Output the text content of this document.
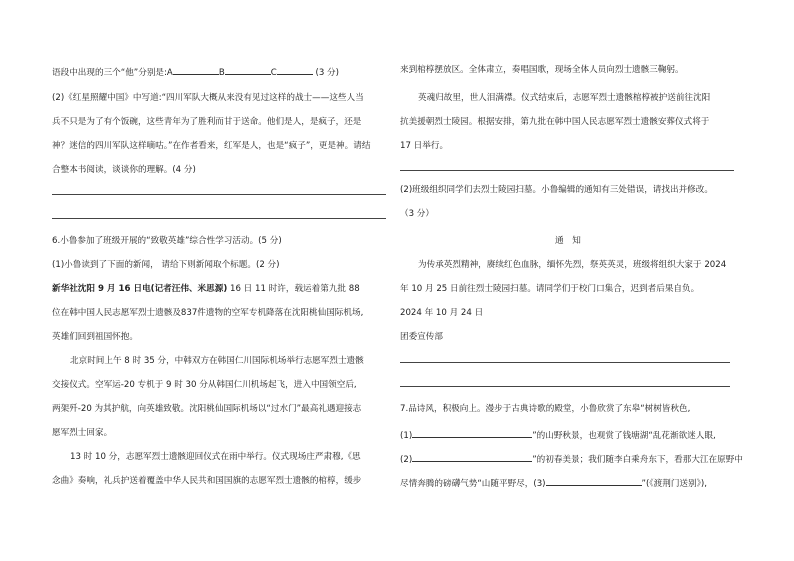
语段中出现的三个“他”分别是:A	B	C	(3 分)
(2)《红星照耀中国》中写道:“四川军队大概从来没有见过这样的战士——这些人当
兵不只是为了有个饭碗，这些青年为了胜利而甘于送命。他们是人，是疯子，还是
神？迷信的四川军队这样嘀咕。”在作者看来，红军是人，也是“疯子”，更是神。请结
合整本书阅读，谈谈你的理解。(4 分)
6.小鲁参加了班级开展的“致敬英雄”综合性学习活动。(5 分)
(1)小鲁读到了下面的新闻， 请给下则新闻取个标题。(2 分)
新华社沈阳 9 月 16 日电(记者汪伟、米思源) 16 日 11 时许，载运着第九批 88
位在韩中国人民志愿军烈士遗骸及837件遗物的空军专机降落在沈阳桃仙国际机场,
英雄们回到祖国怀抱。
北京时间上午 8 时 35 分，中韩双方在韩国仁川国际机场举行志愿军烈士遗骸
交接仪式。空军运-20 专机于 9 时 30 分从韩国仁川机场起飞，进入中国领空后,
两架歼-20 为其护航，向英雄致敬。沈阳桃仙国际机场以“过水门”最高礼遇迎接志
愿军烈士回家。
13 时 10 分，志愿军烈士遗骸迎回仪式在雨中举行。仪式现场庄严肃穆,《思
念曲》奏响，礼兵护送着覆盖中华人民共和国国旗的志愿军烈士遗骸的棺椁，缓步
来到棺椁摆放区。全体肃立，奏唱国歌，现场全体人员向烈士遗骸三鞠躬。
英魂归故里，世人泪满襟。仪式结束后，志愿军烈士遗骸棺椁被护送前往沈阳
抗美援朝烈士陵园。根据安排，第九批在韩中国人民志愿军烈士遗骸安葬仪式将于
17 日举行。
(2)班级组织同学们去烈士陵园扫墓。小鲁编辑的通知有三处错误，请找出并修改。
（3 分）
通　知
为传承英烈精神，赓续红色血脉，缅怀先烈，祭英英灵，班级将组织大家于 2024
年 10 月 25 日前往烈士陵园扫墓。请同学们于校门口集合，迟到者后果自负。
2024 年 10 月 24 日
团委宣传部
7.品诗风，积极向上。漫步于古典诗歌的殿堂，小鲁欣赏了东皋“树树皆秋色,
(1)	”的山野秋景，也观赏了钱塘湖“乱花渐欲迷人眼,
(2)	”的初春美景；我们随李白乘舟东下，看那大江在原野中
尽情奔腾的磅礴气势“山随平野尽，(3)	”(《渡荆门送别》),
